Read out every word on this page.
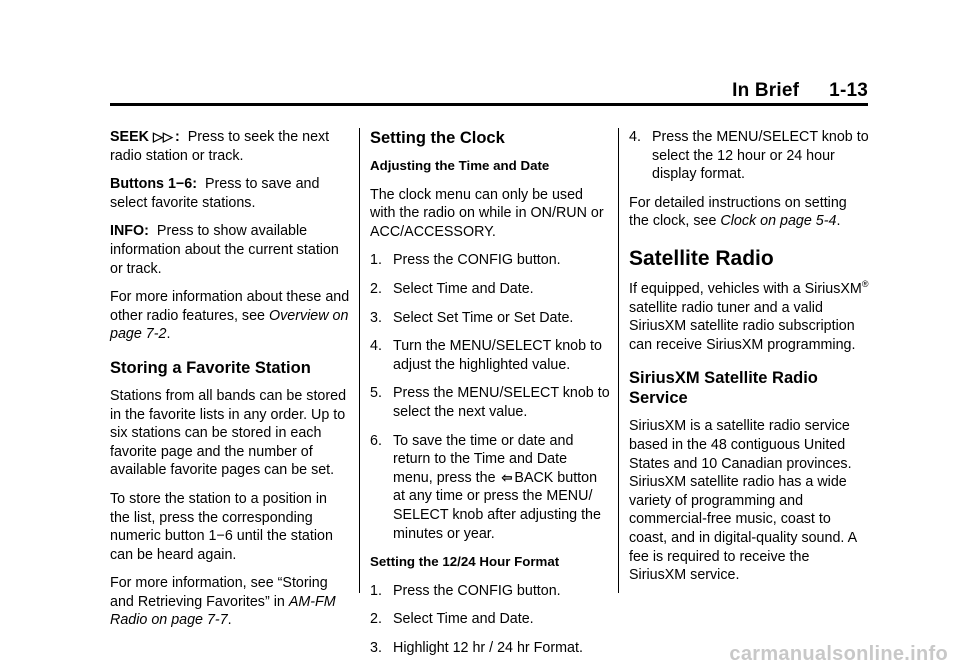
In Brief 1-13

SEEK ▷▷ : Press to seek the next radio station or track.

Buttons 1−6: Press to save and select favorite stations.

INFO: Press to show available information about the current station or track.

For more information about these and other radio features, see Overview on page 7-2.

Storing a Favorite Station

Stations from all bands can be stored in the favorite lists in any order. Up to six stations can be stored in each favorite page and the number of available favorite pages can be set.

To store the station to a position in the list, press the corresponding numeric button 1−6 until the station can be heard again.

For more information, see “Storing and Retrieving Favorites” in AM-FM Radio on page 7-7.

Setting the Clock
Adjusting the Time and Date

The clock menu can only be used with the radio on while in ON/RUN or ACC/ACCESSORY.

1. Press the CONFIG button.
2. Select Time and Date.
3. Select Set Time or Set Date.
4. Turn the MENU/SELECT knob to adjust the highlighted value.
5. Press the MENU/SELECT knob to select the next value.
6. To save the time or date and return to the Time and Date menu, press the ⇦ BACK button at any time or press the MENU/ SELECT knob after adjusting the minutes or year.
Setting the 12/24 Hour Format
1. Press the CONFIG button.
2. Select Time and Date.
3. Highlight 12 hr / 24 hr Format.
4. Press the MENU/SELECT knob to select the 12 hour or 24 hour display format.

For detailed instructions on setting the clock, see Clock on page 5-4.

Satellite Radio

If equipped, vehicles with a SiriusXM® satellite radio tuner and a valid SiriusXM satellite radio subscription can receive SiriusXM programming.

SiriusXM Satellite Radio Service

SiriusXM is a satellite radio service based in the 48 contiguous United States and 10 Canadian provinces. SiriusXM satellite radio has a wide variety of programming and commercial-free music, coast to coast, and in digital-quality sound. A fee is required to receive the SiriusXM service.

carmanualsonline.info
